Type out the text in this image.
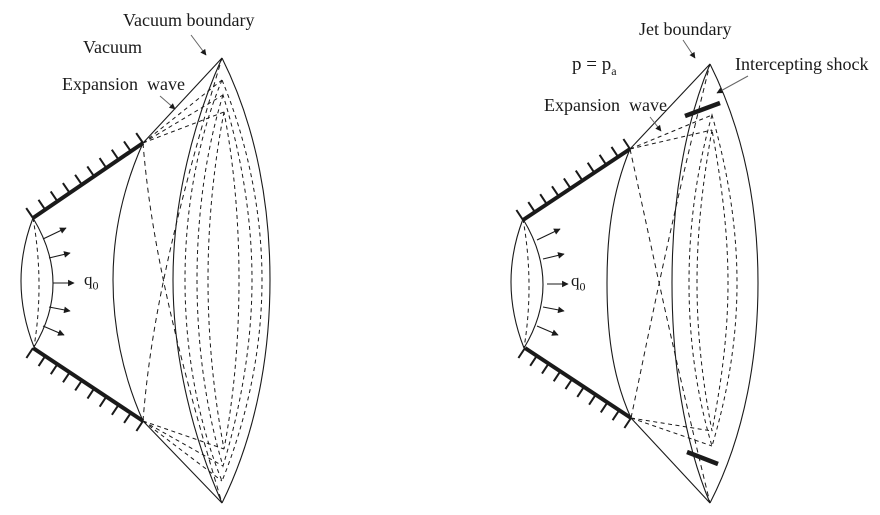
Vacuum boundary
Vacuum
Expansion  wave
$q_0$
Jet boundary
$p = p_a$	Intercepting shock
Expansion  wave
$q_0$
